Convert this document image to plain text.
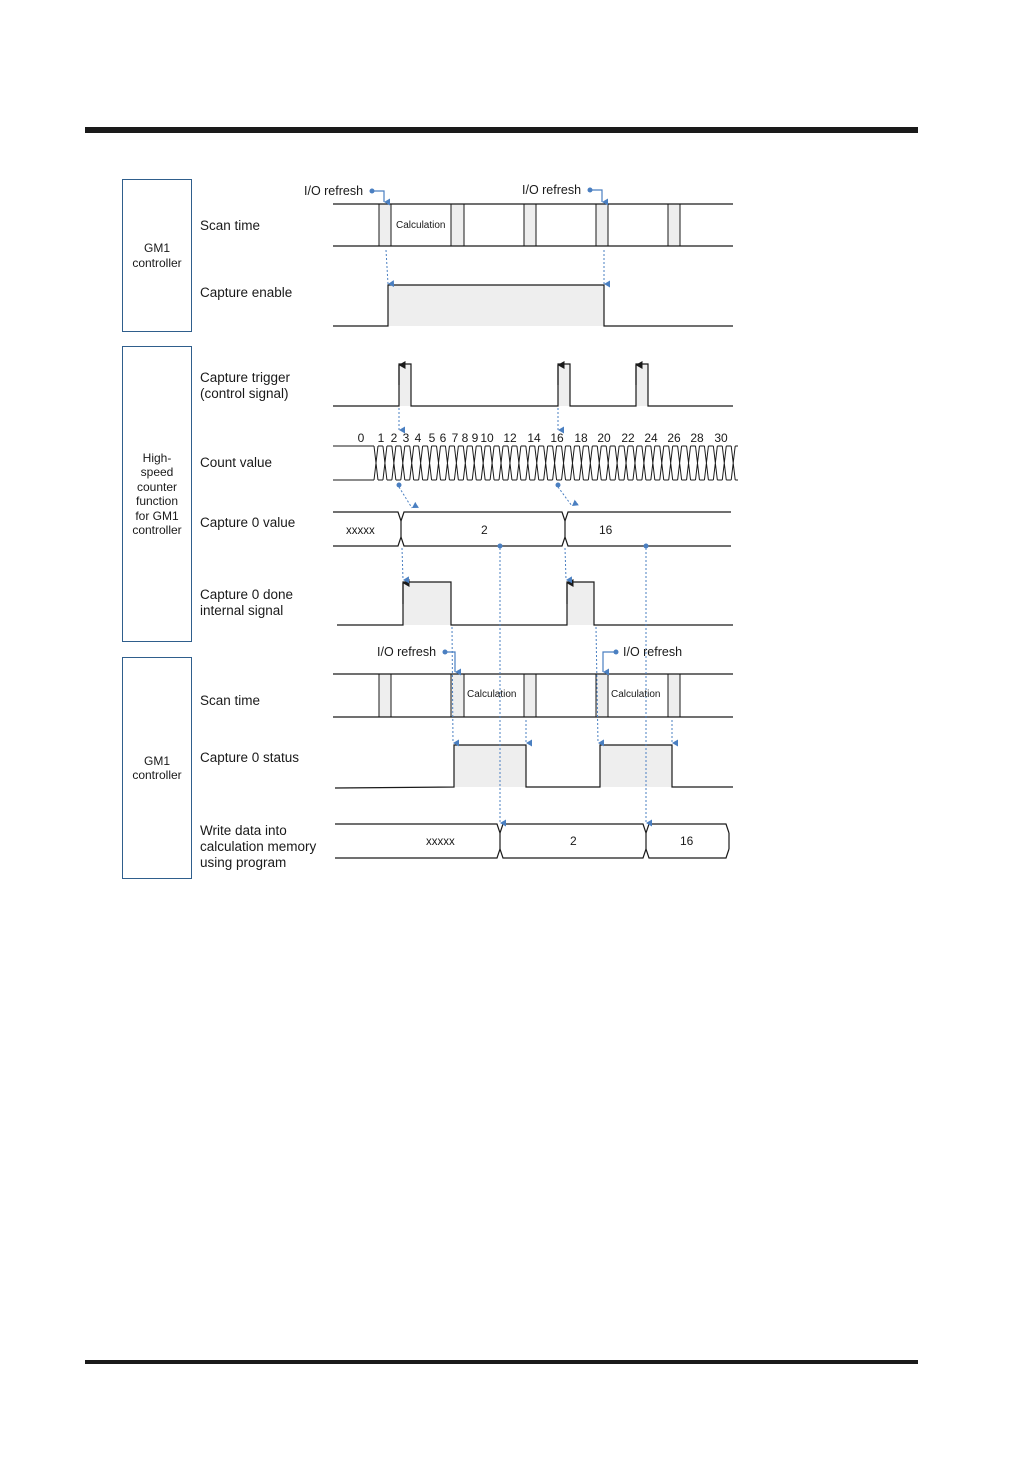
GM1
controller
High-
speed
counter
function
for GM1
controller
GM1
controller
Scan time
Capture enable
Capture trigger
(control signal)
Count value
Capture 0 value
Capture 0 done
internal signal
Scan time
Capture 0 status
Write data into
calculation memory
using program
0 1 2 3 4 5 6 7 8 9 10 12 14 16 18 20 22 24 26 28 30
I/O refresh	I/O refresh
I/O refresh	I/O refresh
Calculation
Calculation	Calculation
xxxxx	2	16
xxxxx	2	16
